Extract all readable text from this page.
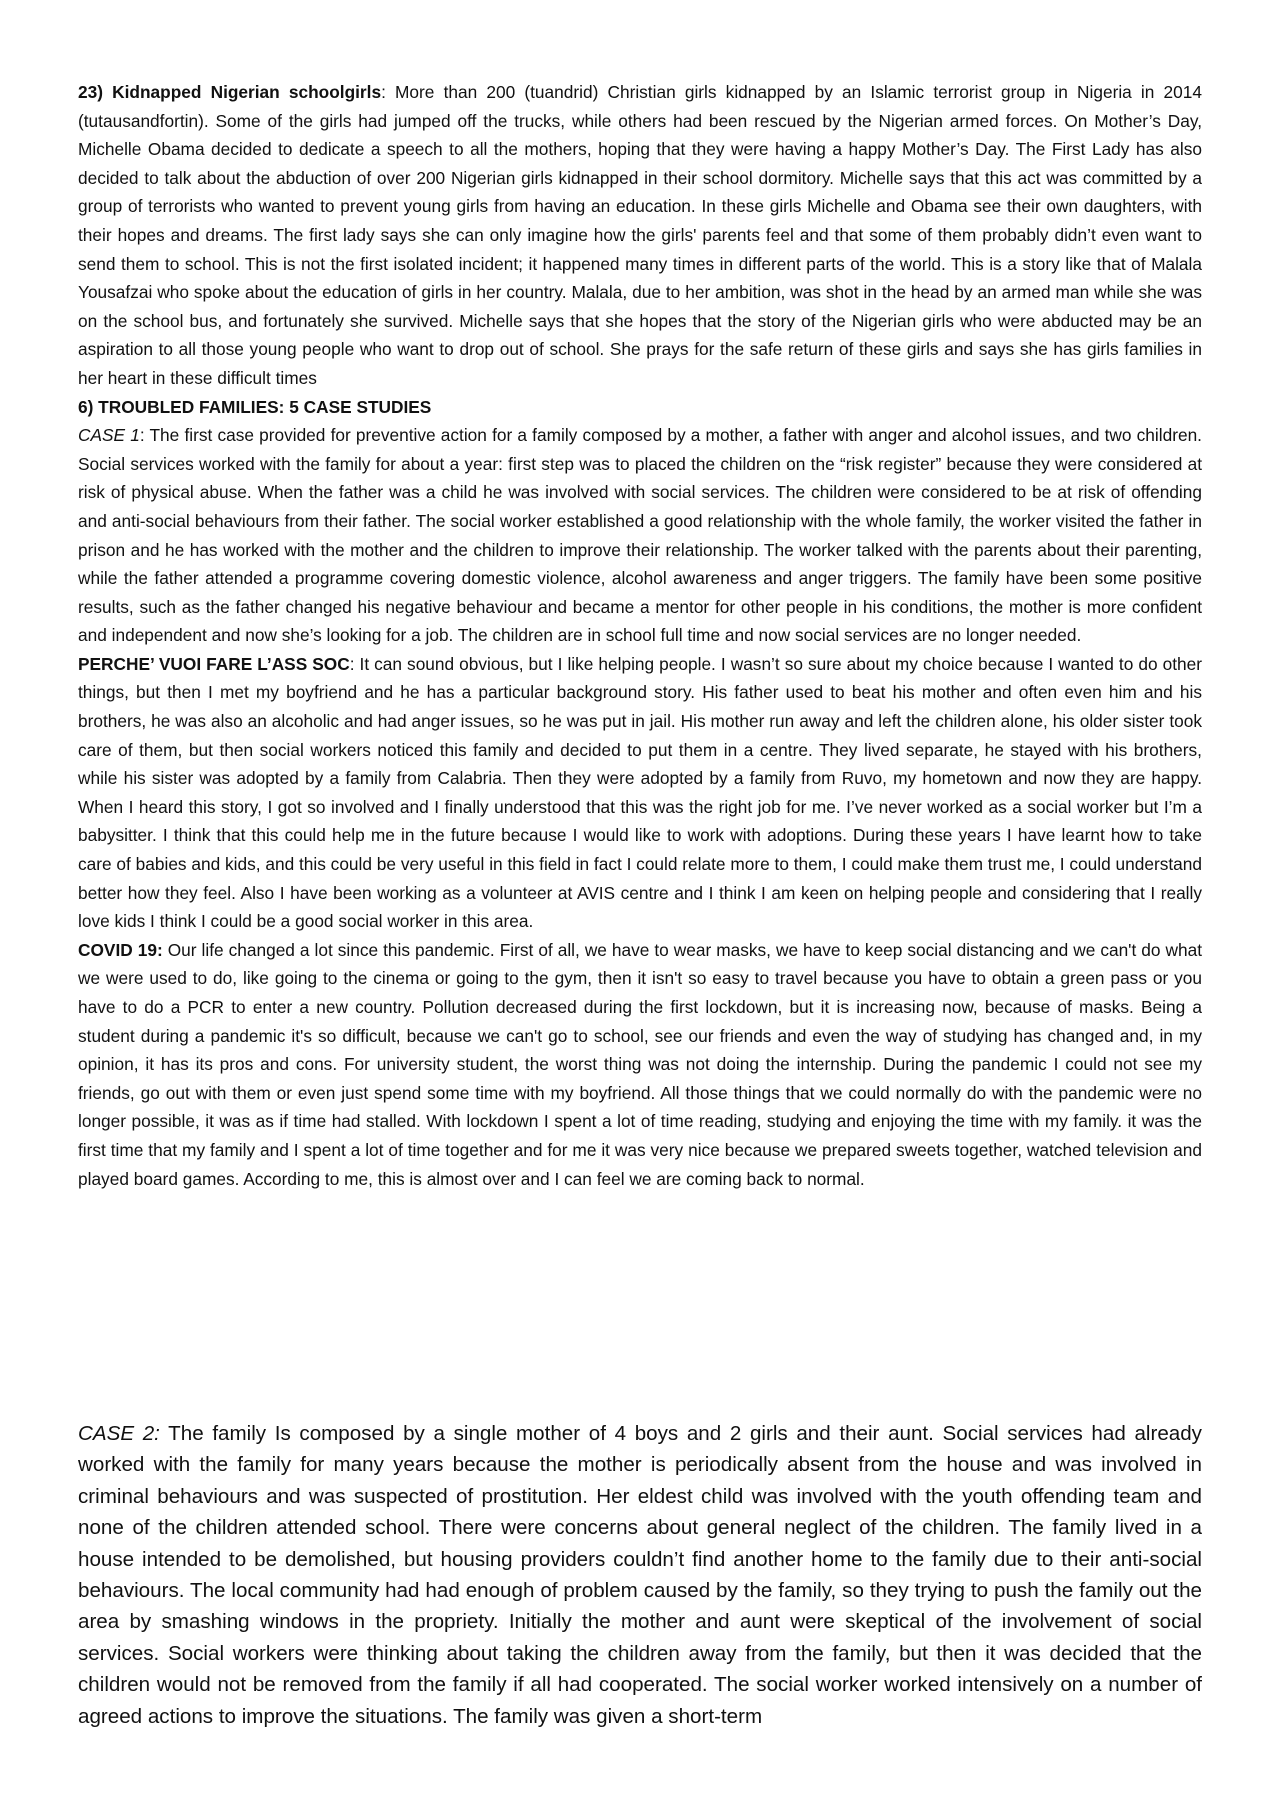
23) Kidnapped Nigerian schoolgirls: More than 200 (tuandrid) Christian girls kidnapped by an Islamic terrorist group in Nigeria in 2014 (tutausandfortin). Some of the girls had jumped off the trucks, while others had been rescued by the Nigerian armed forces. On Mother’s Day, Michelle Obama decided to dedicate a speech to all the mothers, hoping that they were having a happy Mother’s Day. The First Lady has also decided to talk about the abduction of over 200 Nigerian girls kidnapped in their school dormitory. Michelle says that this act was committed by a group of terrorists who wanted to prevent young girls from having an education. In these girls Michelle and Obama see their own daughters, with their hopes and dreams. The first lady says she can only imagine how the girls' parents feel and that some of them probably didn’t even want to send them to school. This is not the first isolated incident; it happened many times in different parts of the world. This is a story like that of Malala Yousafzai who spoke about the education of girls in her country. Malala, due to her ambition, was shot in the head by an armed man while she was on the school bus, and fortunately she survived. Michelle says that she hopes that the story of the Nigerian girls who were abducted may be an aspiration to all those young people who want to drop out of school. She prays for the safe return of these girls and says she has girls families in her heart in these difficult times

6) TROUBLED FAMILIES: 5 CASE STUDIES

CASE 1: The first case provided for preventive action for a family composed by a mother, a father with anger and alcohol issues, and two children. Social services worked with the family for about a year: first step was to placed the children on the “risk register” because they were considered at risk of physical abuse. When the father was a child he was involved with social services. The children were considered to be at risk of offending and anti-social behaviours from their father. The social worker established a good relationship with the whole family, the worker visited the father in prison and he has worked with the mother and the children to improve their relationship. The worker talked with the parents about their parenting, while the father attended a programme covering domestic violence, alcohol awareness and anger triggers. The family have been some positive results, such as the father changed his negative behaviour and became a mentor for other people in his conditions, the mother is more confident and independent and now she’s looking for a job. The children are in school full time and now social services are no longer needed.

PERCHE’ VUOI FARE L’ASS SOC: It can sound obvious, but I like helping people. I wasn’t so sure about my choice because I wanted to do other things, but then I met my boyfriend and he has a particular background story. His father used to beat his mother and often even him and his brothers, he was also an alcoholic and had anger issues, so he was put in jail. His mother run away and left the children alone, his older sister took care of them, but then social workers noticed this family and decided to put them in a centre. They lived separate, he stayed with his brothers, while his sister was adopted by a family from Calabria. Then they were adopted by a family from Ruvo, my hometown and now they are happy. When I heard this story, I got so involved and I finally understood that this was the right job for me. I’ve never worked as a social worker but I’m a babysitter. I think that this could help me in the future because I would like to work with adoptions. During these years I have learnt how to take care of babies and kids, and this could be very useful in this field in fact I could relate more to them, I could make them trust me, I could understand better how they feel. Also I have been working as a volunteer at AVIS centre and I think I am keen on helping people and considering that I really love kids I think I could be a good social worker in this area.

COVID 19: Our life changed a lot since this pandemic. First of all, we have to wear masks, we have to keep social distancing and we can't do what we were used to do, like going to the cinema or going to the gym, then it isn't so easy to travel because you have to obtain a green pass or you have to do a PCR to enter a new country. Pollution decreased during the first lockdown, but it is increasing now, because of masks. Being a student during a pandemic it's so difficult, because we can't go to school, see our friends and even the way of studying has changed and, in my opinion, it has its pros and cons. For university student, the worst thing was not doing the internship. During the pandemic I could not see my friends, go out with them or even just spend some time with my boyfriend. All those things that we could normally do with the pandemic were no longer possible, it was as if time had stalled. With lockdown I spent a lot of time reading, studying and enjoying the time with my family. it was the first time that my family and I spent a lot of time together and for me it was very nice because we prepared sweets together, watched television and played board games. According to me, this is almost over and I can feel we are coming back to normal.

CASE 2: The family Is composed by a single mother of 4 boys and 2 girls and their aunt. Social services had already worked with the family for many years because the mother is periodically absent from the house and was involved in criminal behaviours and was suspected of prostitution. Her eldest child was involved with the youth offending team and none of the children attended school. There were concerns about general neglect of the children. The family lived in a house intended to be demolished, but housing providers couldn’t find another home to the family due to their anti-social behaviours. The local community had had enough of problem caused by the family, so they trying to push the family out the area by smashing windows in the propriety. Initially the mother and aunt were skeptical of the involvement of social services. Social workers were thinking about taking the children away from the family, but then it was decided that the children would not be removed from the family if all had cooperated. The social worker worked intensively on a number of agreed actions to improve the situations. The family was given a short-term
